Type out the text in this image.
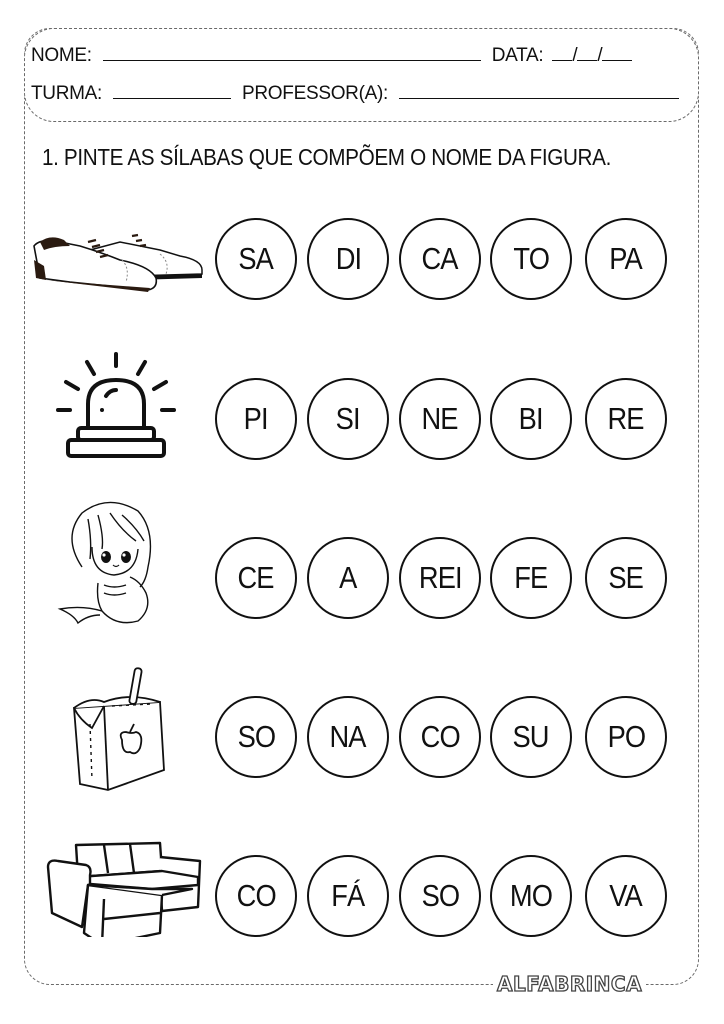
NOME:	DATA: / /
TURMA:	PROFESSOR(A):
1. PINTE AS SÍLABAS QUE COMPÕEM O NOME DA FIGURA.
SA DI CA TO PA
PI SI NE BI RE
CE A REI FE SE
SO NA CO SU PO
CO FÁ SO MO VA
ALFABRINCA
